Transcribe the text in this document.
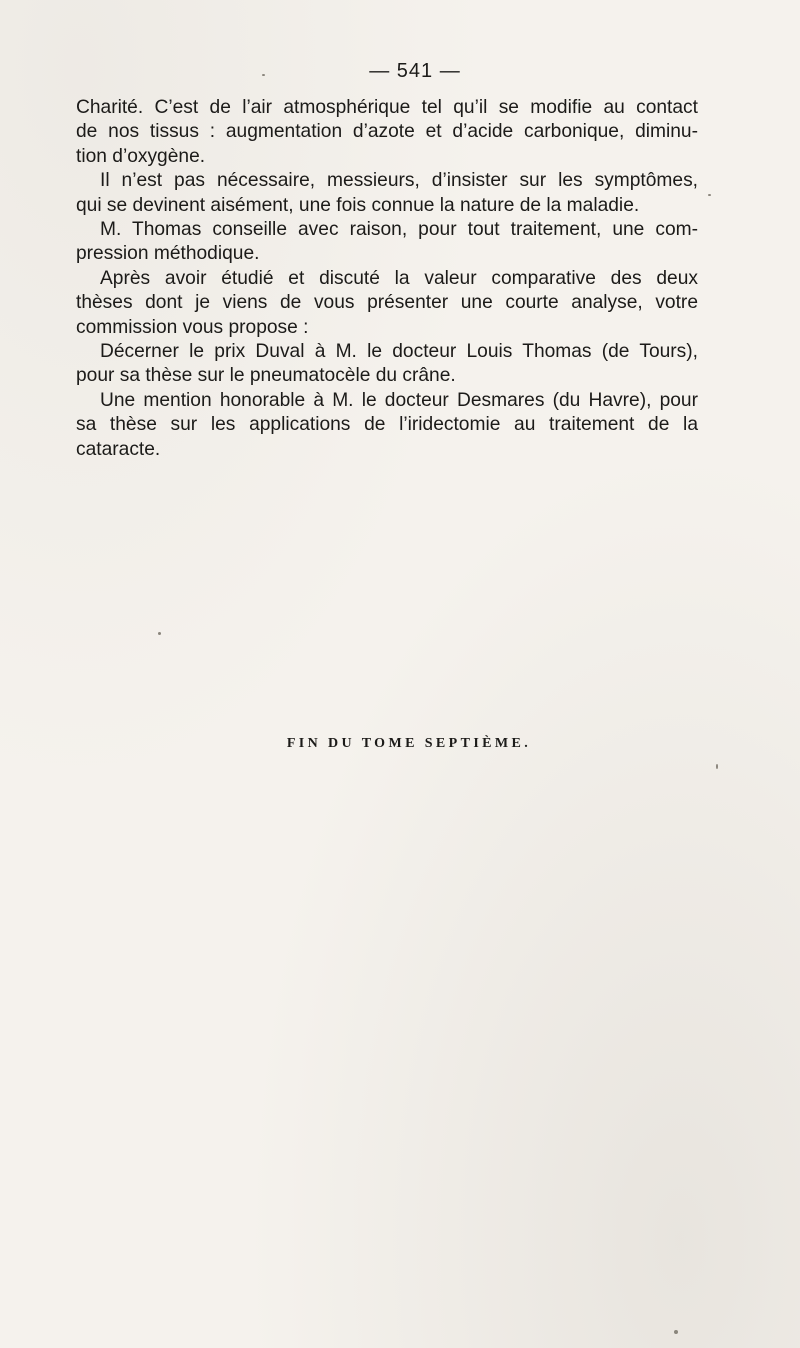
— 541 —
Charité. C’est de l’air atmosphérique tel qu’il se modifie au contact
de nos tissus : augmentation d’azote et d’acide carbonique, diminu-
tion d’oxygène.
Il n’est pas nécessaire, messieurs, d’insister sur les symptômes,
qui se devinent aisément, une fois connue la nature de la maladie.
M. Thomas conseille avec raison, pour tout traitement, une com-
pression méthodique.
Après avoir étudié et discuté la valeur comparative des deux
thèses dont je viens de vous présenter une courte analyse, votre
commission vous propose :
Décerner le prix Duval à M. le docteur Louis Thomas (de Tours),
pour sa thèse sur le pneumatocèle du crâne.
Une mention honorable à M. le docteur Desmares (du Havre), pour
sa thèse sur les applications de l’iridectomie au traitement de la
cataracte.
FIN DU TOME SEPTIÈME.
